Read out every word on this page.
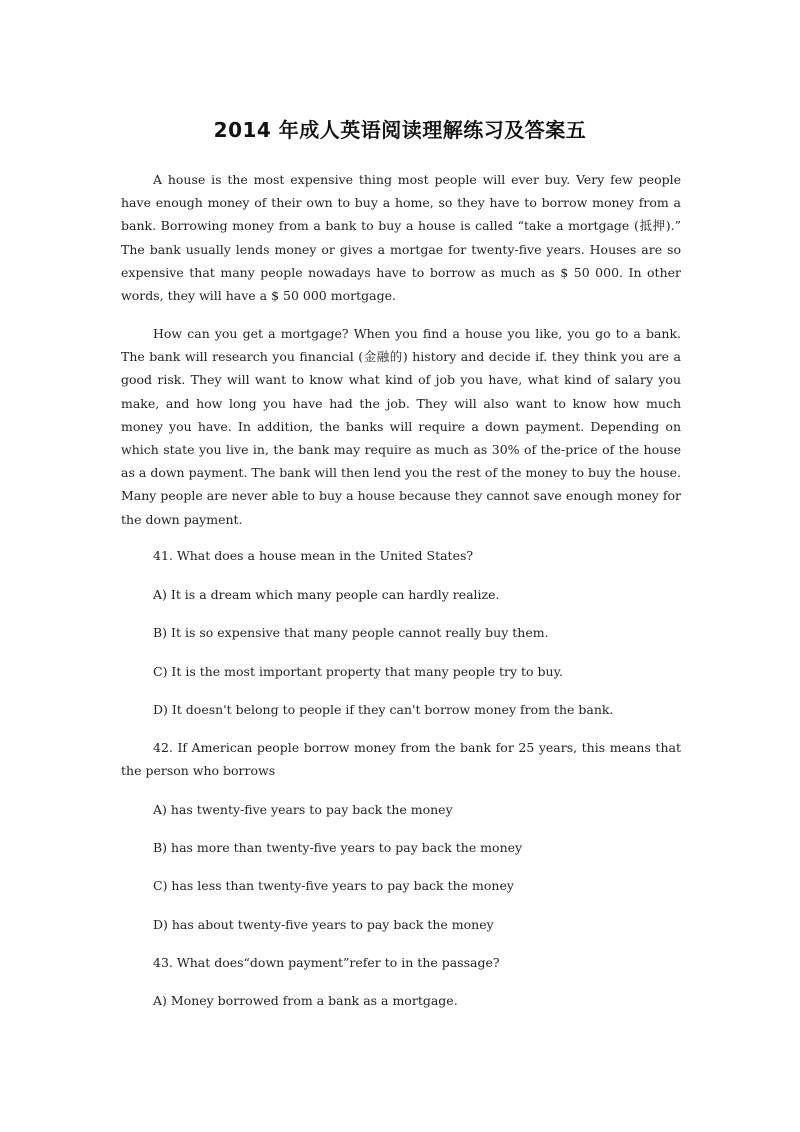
2014 年成人英语阅读理解练习及答案五

A house is the most expensive thing most people will ever buy. Very few people have enough money of their own to buy a home, so they have to borrow money from a bank. Borrowing money from a bank to buy a house is called “take a mortgage (抵押).” The bank usually lends money or gives a mortgae for twenty-five years. Houses are so expensive that many people nowadays have to borrow as much as $ 50 000. In other words, they will have a $ 50 000 mortgage.

How can you get a mortgage? When you find a house you like, you go to a bank. The bank will research you financial (金融的) history and decide if. they think you are a good risk. They will want to know what kind of job you have, what kind of salary you make, and how long you have had the job. They will also want to know how much money you have. In addition, the banks will require a down payment. Depending on which state you live in, the bank may require as much as 30% of the-price of the house as a down payment. The bank will then lend you the rest of the money to buy the house. Many people are never able to buy a house because they cannot save enough money for the down payment.

41. What does a house mean in the United States?

A) It is a dream which many people can hardly realize.

B) It is so expensive that many people cannot really buy them.

C) It is the most important property that many people try to buy.

D) It doesn't belong to people if they can't borrow money from the bank.

42. If American people borrow money from the bank for 25 years, this means that the person who borrows

A) has twenty-five years to pay back the money

B) has more than twenty-five years to pay back the money

C) has less than twenty-five years to pay back the money

D) has about twenty-five years to pay back the money

43. What does“down payment”refer to in the passage?

A) Money borrowed from a bank as a mortgage.
